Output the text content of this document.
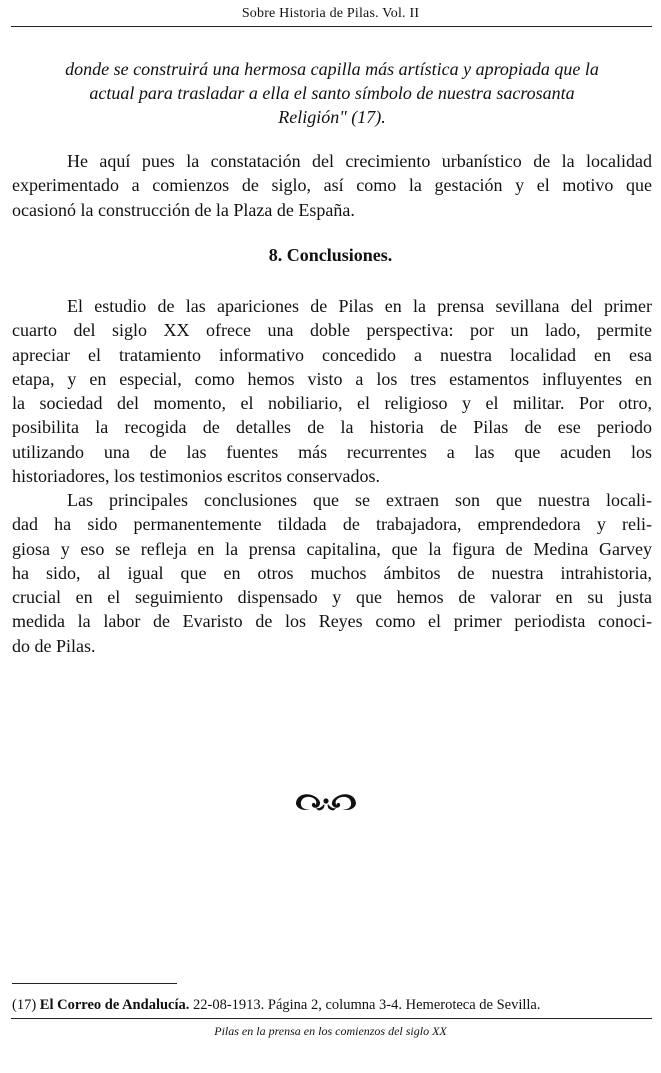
Sobre Historia de Pilas. Vol. II
donde se construirá una hermosa capilla más artística y apropiada que la
actual para trasladar a ella el santo símbolo de nuestra sacrosanta
Religión" (17).
He aquí pues la constatación del crecimiento urbanístico de la localidad
experimentado a comienzos de siglo, así como la gestación y el motivo que
ocasionó la construcción de la Plaza de España.
8. Conclusiones.
El estudio de las apariciones de Pilas en la prensa sevillana del primer
cuarto del siglo XX ofrece una doble perspectiva: por un lado, permite
apreciar el tratamiento informativo concedido a nuestra localidad en esa
etapa, y en especial, como hemos visto a los tres estamentos influyentes en
la sociedad del momento, el nobiliario, el religioso y el militar. Por otro,
posibilita la recogida de detalles de la historia de Pilas de ese periodo
utilizando una de las fuentes más recurrentes a las que acuden los
historiadores, los testimonios escritos conservados.
Las principales conclusiones que se extraen son que nuestra locali-
dad ha sido permanentemente tildada de trabajadora, emprendedora y reli-
giosa y eso se refleja en la prensa capitalina, que la figura de Medina Garvey
ha sido, al igual que en otros muchos ámbitos de nuestra intrahistoria,
crucial en el seguimiento dispensado y que hemos de valorar en su justa
medida la labor de Evaristo de los Reyes como el primer periodista conoci-
do de Pilas.
(17) El Correo de Andalucía. 22-08-1913. Página 2, columna 3-4. Hemeroteca de Sevilla.
Pilas en la prensa en los comienzos del siglo XX
